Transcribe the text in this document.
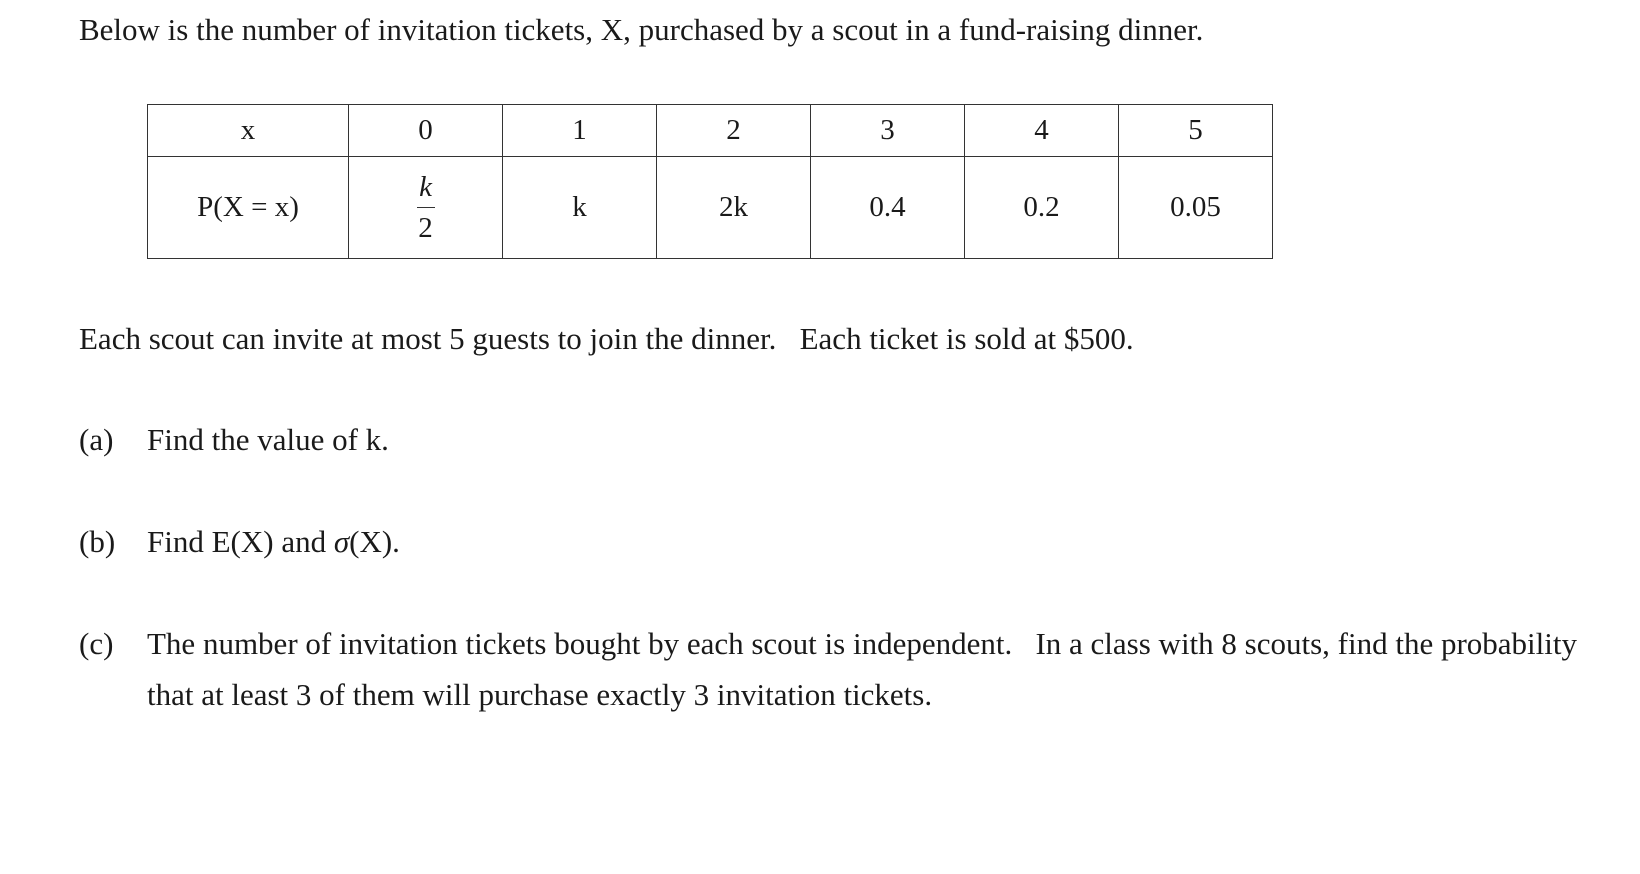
Below is the number of invitation tickets, X, purchased by a scout in a fund-raising dinner.
x	0	1	2	3	4	5
P(X = x)	$\frac{k}{2}$	k	2k	0.4	0.2	0.05
Each scout can invite at most 5 guests to join the dinner.   Each ticket is sold at $500.
(a) Find the value of k.
(b) Find E(X) and σ(X).
(c) The number of invitation tickets bought by each scout is independent.   In a class with 8 scouts, find the probability that at least 3 of them will purchase exactly 3 invitation tickets.
